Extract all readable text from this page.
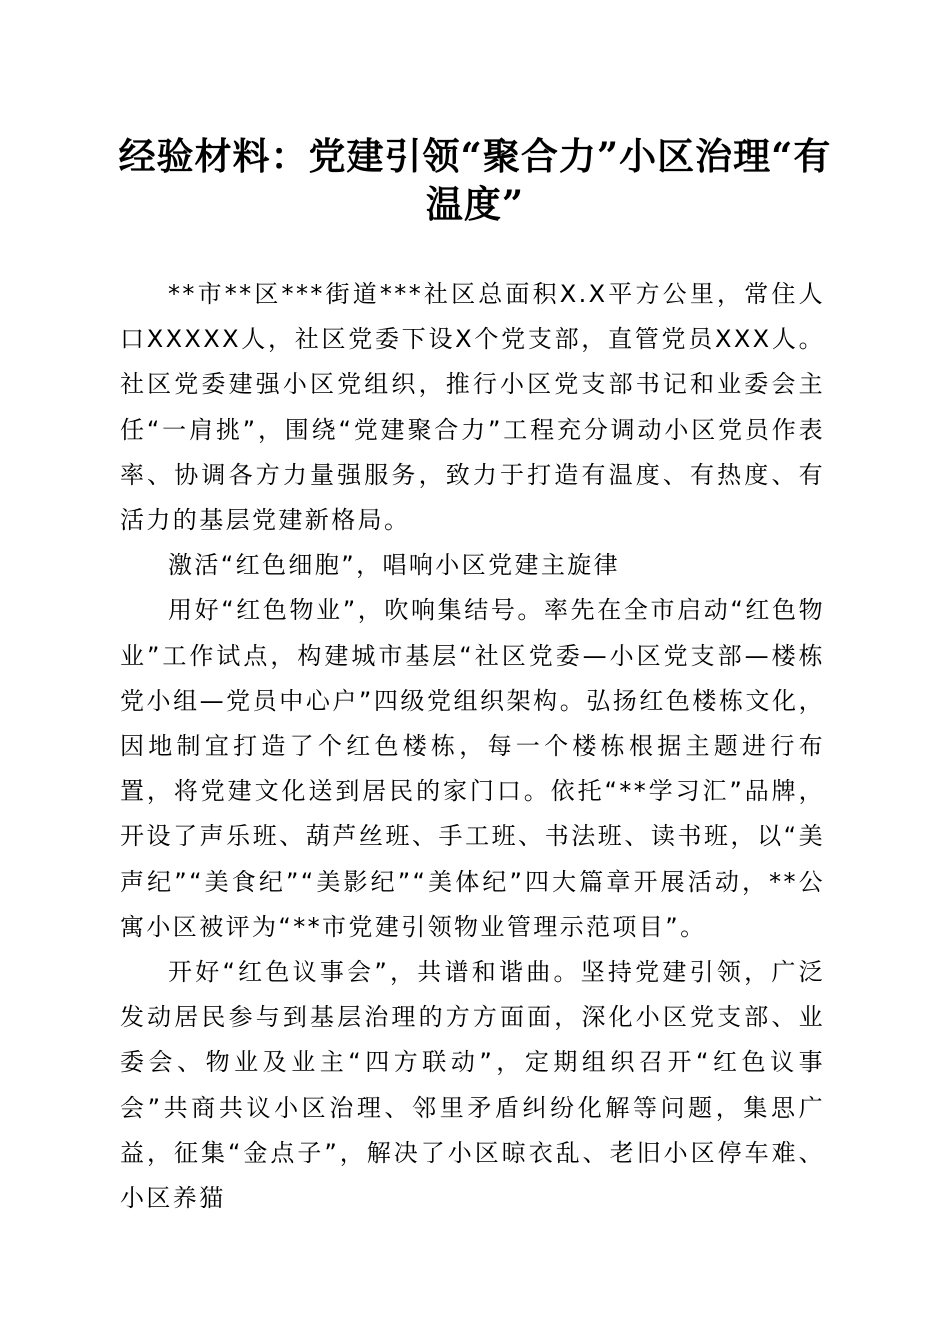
经验材料：党建引领“聚合力”小区治理“有温度”

**市**区***街道***社区总面积X.X平方公里，常住人口XXXXX人，社区党委下设X个党支部，直管党员XXX人。社区党委建强小区党组织，推行小区党支部书记和业委会主任“一肩挑”，围绕“党建聚合力”工程充分调动小区党员作表率、协调各方力量强服务，致力于打造有温度、有热度、有活力的基层党建新格局。

激活“红色细胞”，唱响小区党建主旋律

用好“红色物业”，吹响集结号。率先在全市启动“红色物业”工作试点，构建城市基层“社区党委—小区党支部—楼栋党小组—党员中心户”四级党组织架构。弘扬红色楼栋文化，因地制宜打造了个红色楼栋，每一个楼栋根据主题进行布置，将党建文化送到居民的家门口。依托“**学习汇”品牌，开设了声乐班、葫芦丝班、手工班、书法班、读书班，以“美声纪”“美食纪”“美影纪”“美体纪”四大篇章开展活动，**公寓小区被评为“**市党建引领物业管理示范项目”。

开好“红色议事会”，共谱和谐曲。坚持党建引领，广泛发动居民参与到基层治理的方方面面，深化小区党支部、业委会、物业及业主“四方联动”，定期组织召开“红色议事会”共商共议小区治理、邻里矛盾纠纷化解等问题，集思广益，征集“金点子”，解决了小区晾衣乱、老旧小区停车难、小区养猫
